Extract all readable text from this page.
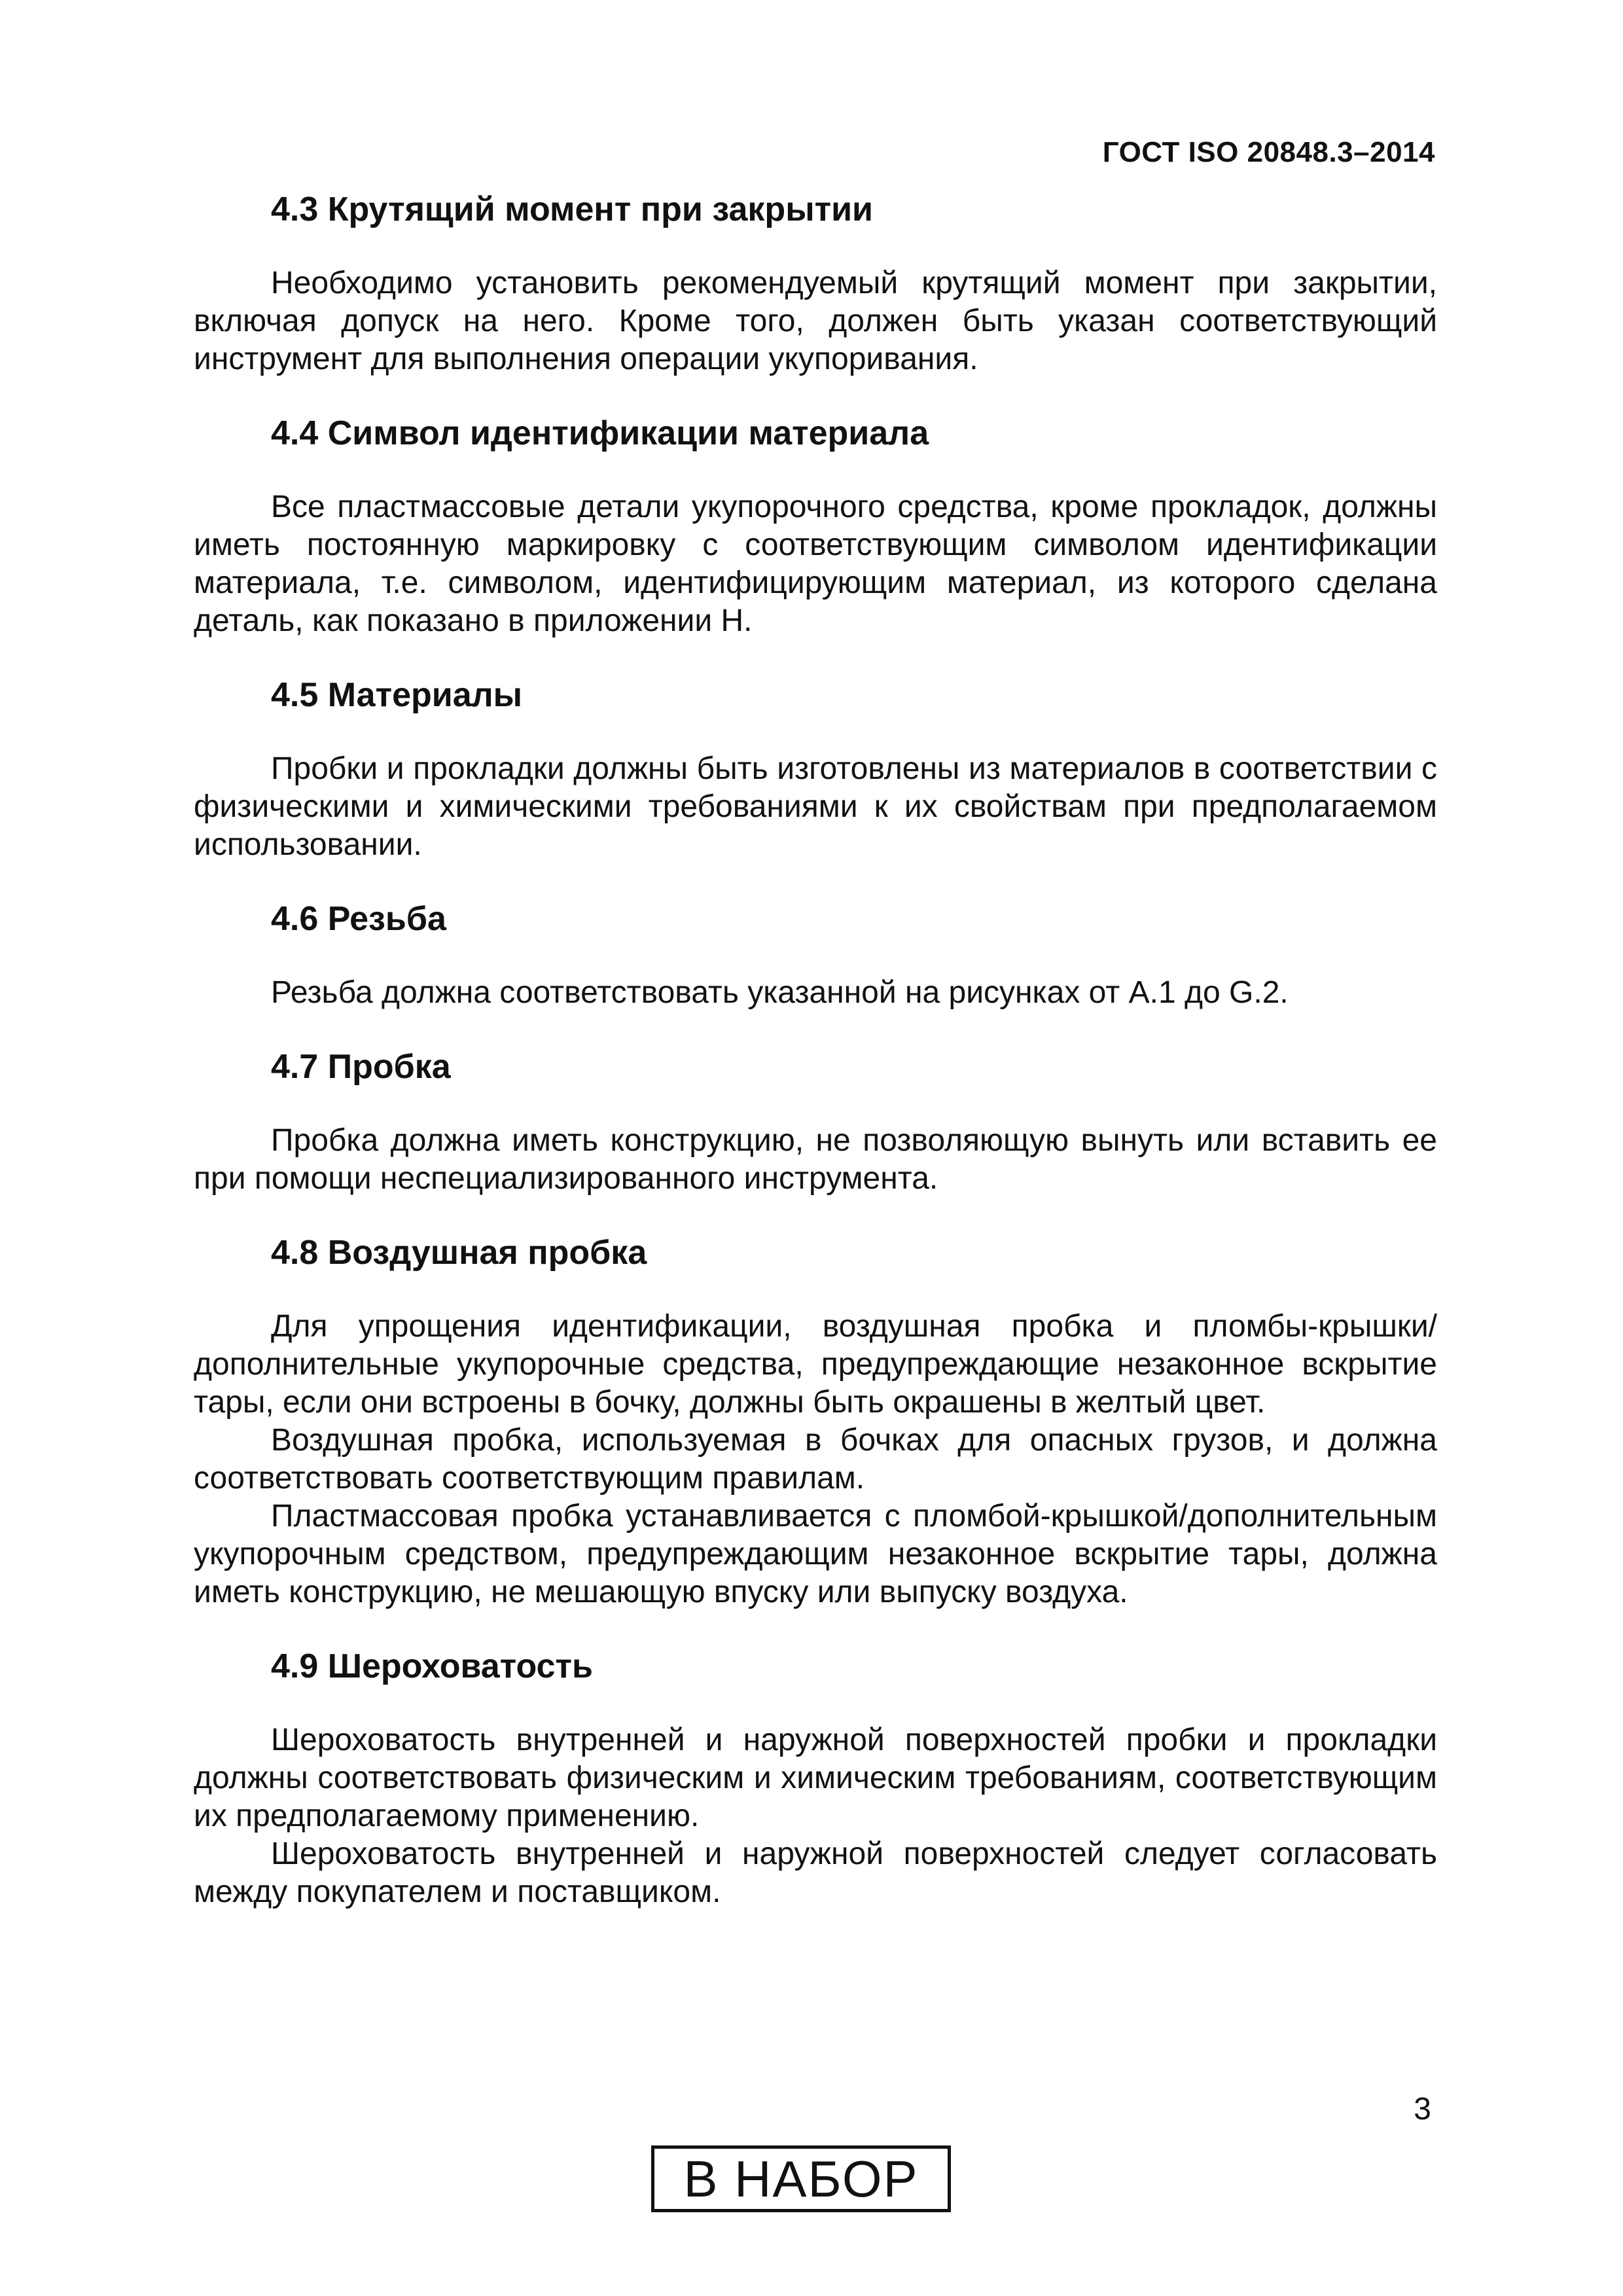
ГОСТ ISO 20848.3–2014

4.3 Крутящий момент при закрытии

Необходимо установить рекомендуемый крутящий момент при закрытии, включая допуск на него. Кроме того, должен быть указан соответствующий инструмент для выполнения операции укупоривания.

4.4 Символ идентификации материала

Все пластмассовые детали укупорочного средства, кроме прокладок, должны иметь постоянную маркировку с соответствующим символом идентификации материала, т.е. символом, идентифицирующим материал, из которого сделана деталь, как показано в приложении Н.

4.5 Материалы

Пробки и прокладки должны быть изготовлены из материалов в соответствии с физическими и химическими требованиями к их свойствам при предполагаемом использовании.

4.6 Резьба

Резьба должна соответствовать указанной на рисунках от А.1 до G.2.

4.7 Пробка

Пробка должна иметь конструкцию, не позволяющую вынуть или вставить ее при помощи неспециализированного инструмента.

4.8 Воздушная пробка

Для упрощения идентификации, воздушная пробка и пломбы-крышки/дополнительные укупорочные средства, предупреждающие незаконное вскрытие тары, если они встроены в бочку, должны быть окрашены в желтый цвет.

Воздушная пробка, используемая в бочках для опасных грузов, и должна соответствовать соответствующим правилам.

Пластмассовая пробка устанавливается с пломбой-крышкой/дополнительным укупорочным средством, предупреждающим незаконное вскрытие тары, должна иметь конструкцию, не мешающую впуску или выпуску воздуха.

4.9 Шероховатость

Шероховатость внутренней и наружной поверхностей пробки и прокладки должны соответствовать физическим и химическим требованиям, соответствующим их предполагаемому применению.

Шероховатость внутренней и наружной поверхностей следует согласовать между покупателем и поставщиком.

3
В НАБОР
